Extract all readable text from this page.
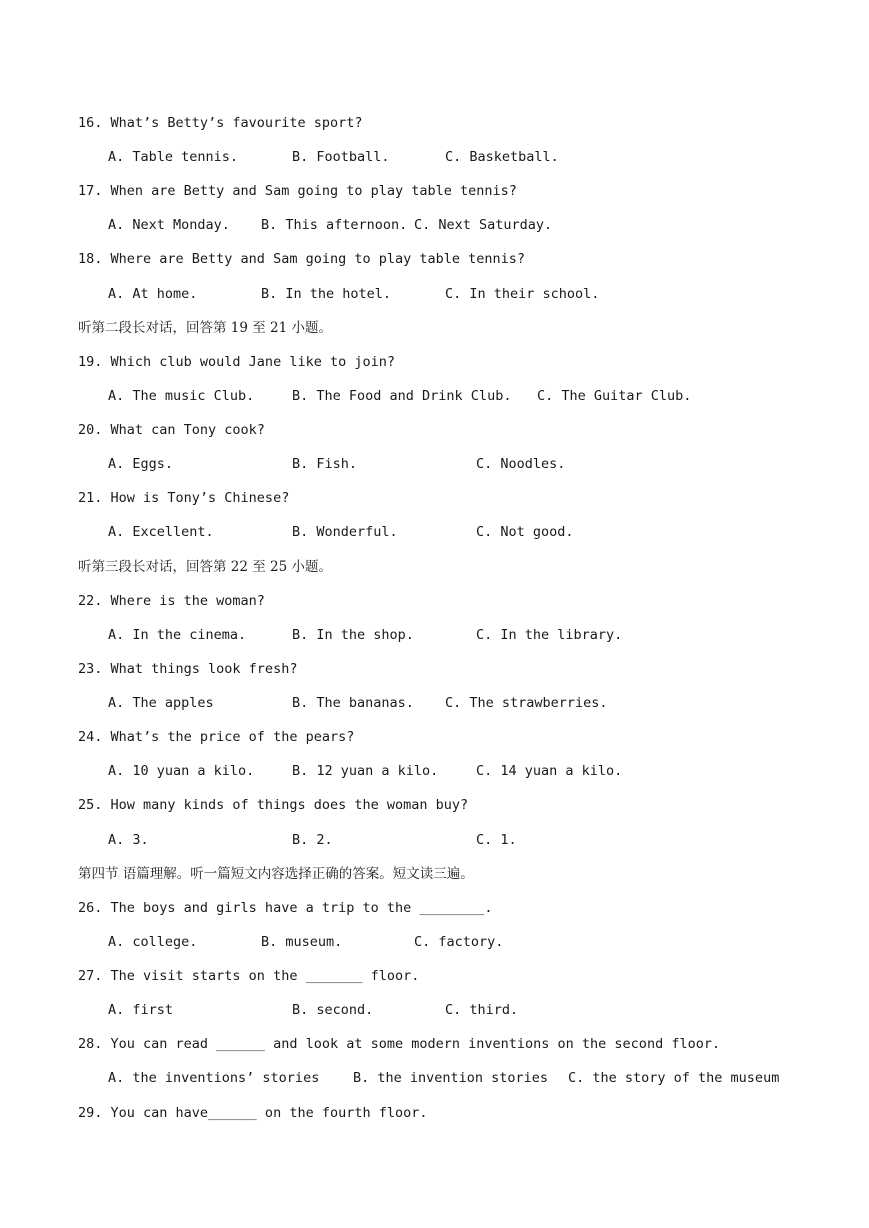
16. What’s Betty’s favourite sport?

A. Table tennis.

	B. Football.

	C. Basketball.

17. When are Betty and Sam going to play table tennis?

A. Next Monday.

B. This afternoon.

C. Next Saturday.

18. Where are Betty and Sam going to play table tennis?

A. At home.

	B. In the hotel.

	C. In their school.

听第二段长对话，回答第 19 至 21 小题。
19. Which club would Jane like to join?

A. The music Club.

	B. The Food and Drink Club.

C. The Guitar Club.

20. What can Tony cook?

A. Eggs.

	B. Fish.

	C. Noodles.

21. How is Tony’s Chinese?

A. Excellent.

	B. Wonderful.

	C. Not good.

听第三段长对话，回答第 22 至 25 小题。
22. Where is the woman?

A. In the cinema.

	B. In the shop.

	C. In the library.

23. What things look fresh?

A. The apples

	B. The bananas.

C. The strawberries.

24. What’s the price of the pears?

A. 10 yuan a kilo.

	B. 12 yuan a kilo.

	C. 14 yuan a kilo.

25. How many kinds of things does the woman buy?

A. 3.

	B. 2.

	C. 1.

第四节 语篇理解。听一篇短文内容选择正确的答案。短文读三遍。
26. The boys and girls have a trip to the ________.

A. college.

	B. museum.

	C. factory.

27. The visit starts on the _______ floor.

A. first

	B. second.

	C. third.

28. You can read ______ and look at some modern inventions on the second floor.

A. the inventions’ stories

B. the invention stories

C. the story of the museum

29. You can have______ on the fourth floor.
